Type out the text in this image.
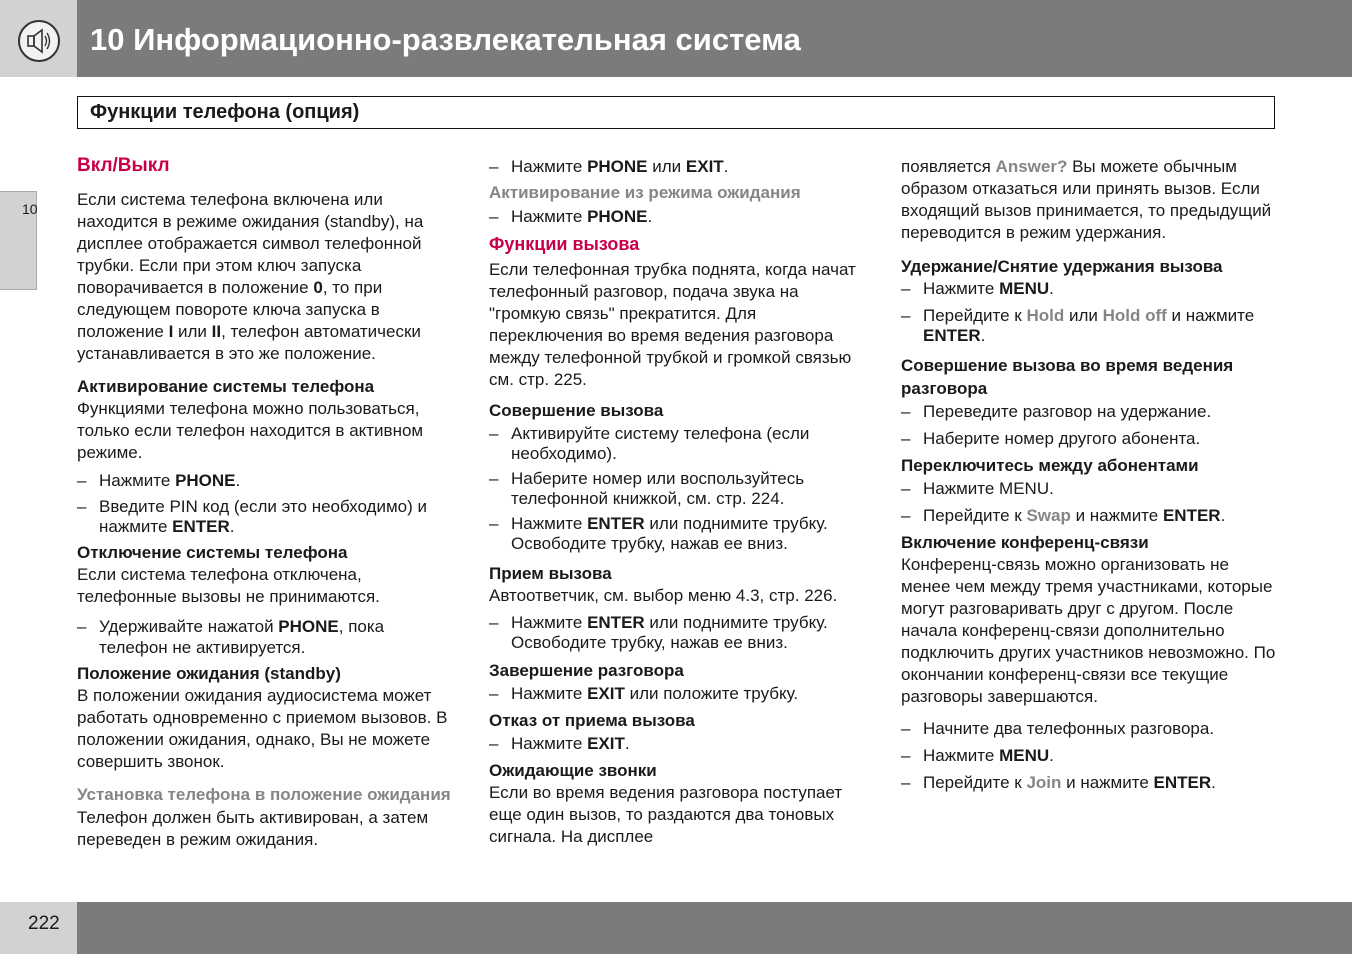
10 Информационно-развлекательная система
Функции телефона (опция)
10

Вкл/Выкл

Если система телефона включена или находится в режиме ожидания (standby), на дисплее отображается символ телефонной трубки. Если при этом ключ запуска поворачивается в положение 0, то при следующем повороте ключа запуска в положение I или II, телефон автоматически устанавливается в это же положение.

Активирование системы телефона

Функциями телефона можно пользоваться, только если телефон находится в активном режиме.

– Нажмите PHONE.
– Введите PIN код (если это необходимо) и нажмите ENTER.

Отключение системы телефона

Если система телефона отключена, телефонные вызовы не принимаются.

– Удерживайте нажатой PHONE, пока телефон не активируется.

Положение ожидания (standby)

В положении ожидания аудиосистема может работать одновременно с приемом вызовов. В положении ожидания, однако, Вы не можете совершить звонок.

Установка телефона в положение ожидания

Телефон должен быть активирован, а затем переведен в режим ожидания.

– Нажмите PHONE или EXIT.

Активирование из режима ожидания

– Нажмите PHONE.

Функции вызова

Если телефонная трубка поднята, когда начат телефонный разговор, подача звука на "громкую связь" прекратится. Для переключения во время ведения разговора между телефонной трубкой и громкой связью см. стр. 225.

Совершение вызова

– Активируйте систему телефона (если необходимо).
– Наберите номер или воспользуйтесь телефонной книжкой, см. стр. 224.
– Нажмите ENTER или поднимите трубку. Освободите трубку, нажав ее вниз.

Прием вызова

Автоответчик, см. выбор меню 4.3, стр. 226.

– Нажмите ENTER или поднимите трубку. Освободите трубку, нажав ее вниз.

Завершение разговора

– Нажмите EXIT или положите трубку.

Отказ от приема вызова

– Нажмите EXIT.

Ожидающие звонки

Если во время ведения разговора поступает еще один вызов, то раздаются два тоновых сигнала. На дисплее

появляется Answer? Вы можете обычным образом отказаться или принять вызов. Если входящий вызов принимается, то предыдущий переводится в режим удержания.

Удержание/Снятие удержания вызова

– Нажмите MENU.
– Перейдите к Hold или Hold off и нажмите ENTER.

Совершение вызова во время ведения разговора

– Переведите разговор на удержание.
– Наберите номер другого абонента.

Переключитесь между абонентами

– Нажмите MENU.
– Перейдите к Swap и нажмите ENTER.

Включение конференц-связи

Конференц-связь можно организовать не менее чем между тремя участниками, которые могут разговаривать друг с другом. После начала конференц-связи дополнительно подключить других участников невозможно. По окончании конференц-связи все текущие разговоры завершаются.

– Начните два телефонных разговора.
– Нажмите MENU.
– Перейдите к Join и нажмите ENTER.
222
